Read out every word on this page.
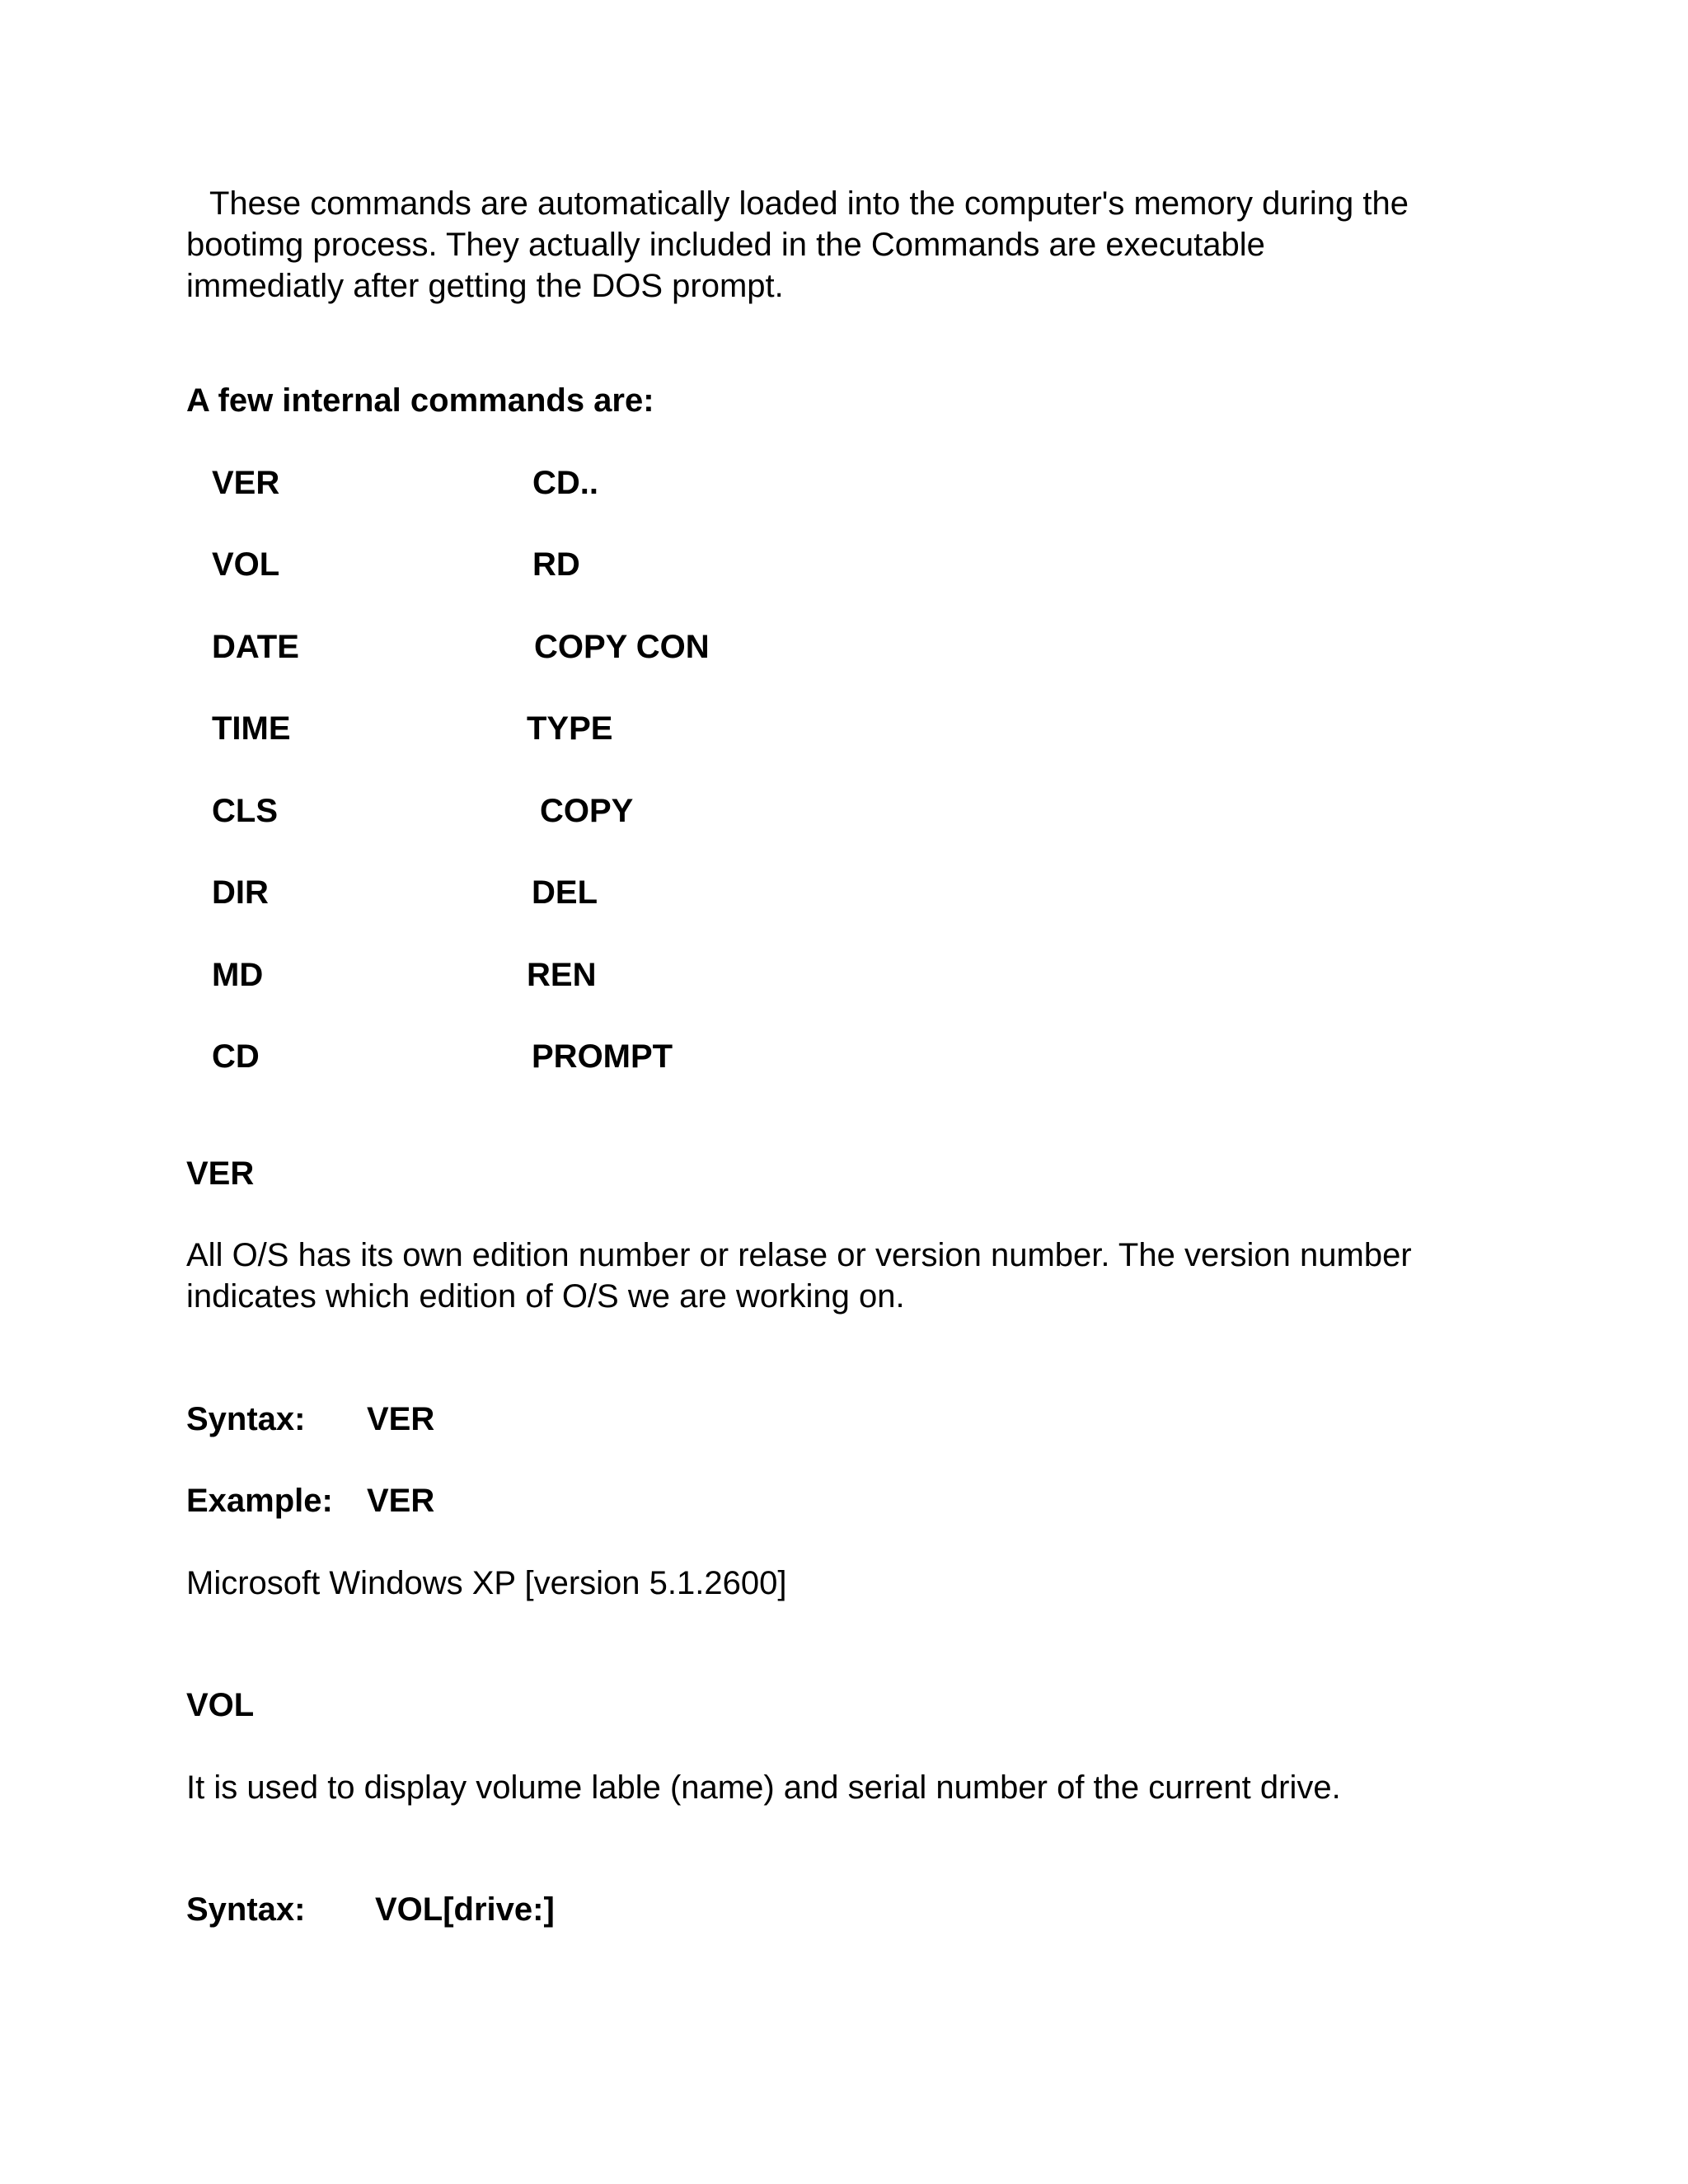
These commands are automatically loaded into the computer's memory during the

bootimg process. They actually included in the Commands are executable

immediatly after getting the DOS prompt.

A few internal commands are:

VER

VOL

DATE

TIME

CLS

DIR

MD

CD

CD..

RD

COPY CON

TYPE

COPY

DEL

REN

PROMPT

VER

All O/S has its own edition number or relase or version number. The version number

indicates which edition of O/S we are working on.

Syntax: VER

Example: VER

Microsoft Windows XP [version 5.1.2600]

VOL

It is used to display volume lable (name) and serial number of the current drive.

Syntax: VOL[drive:]
